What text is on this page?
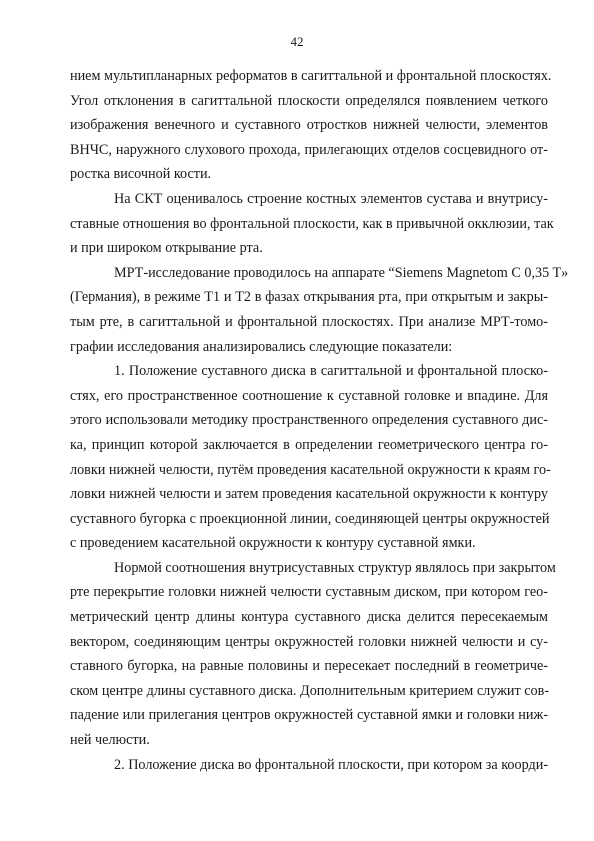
42
нием мультипланарных реформатов в сагиттальной и фронтальной плоскостях.
Угол отклонения в сагиттальной плоскости определялся появлением четкого
изображения венечного и суставного отростков нижней челюсти, элементов
ВНЧС, наружного слухового прохода, прилегающих отделов сосцевидного от-
ростка височной кости.
На СКТ оценивалось строение костных элементов сустава и внутрису-
ставные отношения во фронтальной плоскости, как в привычной окклюзии, так
и при широком открывание рта.
МРТ-исследование проводилось на аппарате “Siemens Magnetom C 0,35 T»
(Германия), в режиме T1 и T2 в фазах открывания рта, при открытым и закры-
тым рте, в сагиттальной и фронтальной плоскостях. При анализе МРТ-томо-
графии исследования анализировались следующие показатели:
1. Положение суставного диска в сагиттальной и фронтальной плоско-
стях, его пространственное соотношение к суставной головке и впадине. Для
этого использовали методику пространственного определения суставного дис-
ка, принцип которой заключается в определении геометрического центра го-
ловки нижней челюсти, путём проведения касательной окружности к краям го-
ловки нижней челюсти и затем проведения касательной окружности к контуру
суставного бугорка с проекционной линии, соединяющей центры окружностей
с проведением касательной окружности к контуру суставной ямки.
Нормой соотношения внутрисуставных структур являлось при закрытом
рте перекрытие головки нижней челюсти суставным диском, при котором гео-
метрический центр длины контура суставного диска делится пересекаемым
вектором, соединяющим центры окружностей головки нижней челюсти и су-
ставного бугорка, на равные половины и пересекает последний в геометриче-
ском центре длины суставного диска. Дополнительным критерием служит сов-
падение или прилегания центров окружностей суставной ямки и головки ниж-
ней челюсти.
2. Положение диска во фронтальной плоскости, при котором за коорди-
